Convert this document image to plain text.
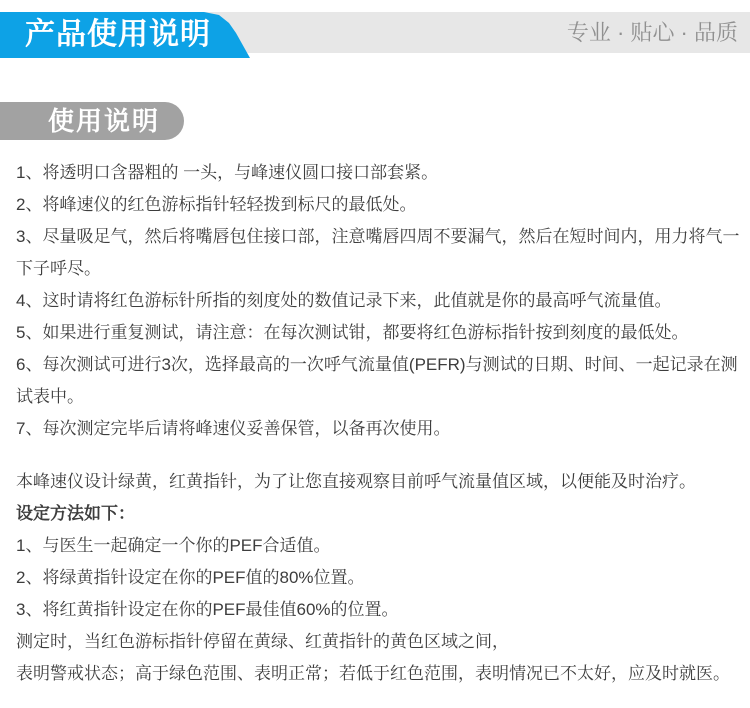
产品使用说明	专业 · 贴心 · 品质
使用说明

1、将透明口含器粗的 一头，与峰速仪圆口接口部套紧。

2、将峰速仪的红色游标指针轻轻拨到标尺的最低处。

3、尽量吸足气，然后将嘴唇包住接口部，注意嘴唇四周不要漏气，然后在短时间内，用力将气一下子呼尽。

4、这时请将红色游标针所指的刻度处的数值记录下来，此值就是你的最高呼气流量值。

5、如果进行重复测试，请注意：在每次测试钳，都要将红色游标指针按到刻度的最低处。

6、每次测试可进行3次，选择最高的一次呼气流量值(PEFR)与测试的日期、时间、一起记录在测试表中。

7、每次测定完毕后请将峰速仪妥善保管，以备再次使用。

本峰速仪设计绿黄，红黄指针，为了让您直接观察目前呼气流量值区域，以便能及时治疗。

设定方法如下：

1、与医生一起确定一个你的PEF合适值。

2、将绿黄指针设定在你的PEF值的80%位置。

3、将红黄指针设定在你的PEF最佳值60%的位置。

测定时，当红色游标指针停留在黄绿、红黄指针的黄色区域之间，

表明警戒状态；高于绿色范围、表明正常；若低于红色范围，表明情况已不太好，应及时就医。
